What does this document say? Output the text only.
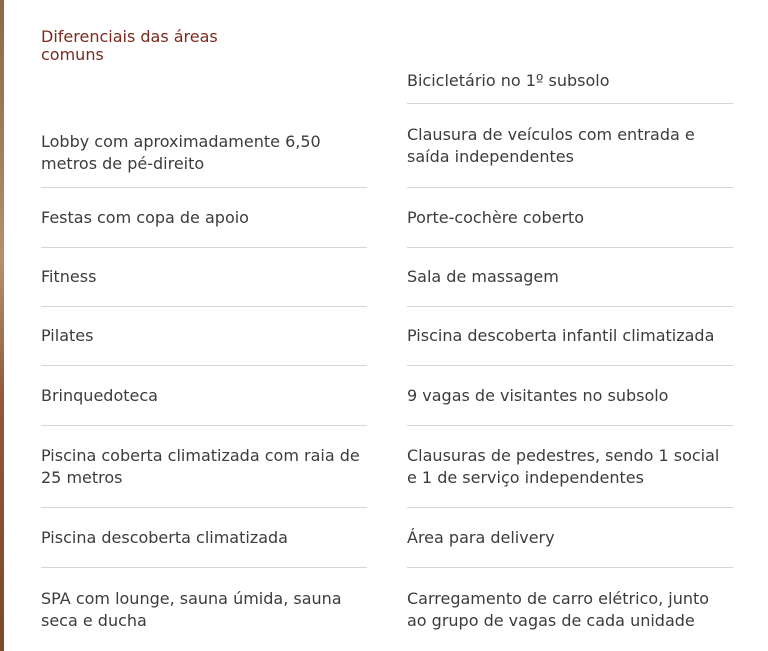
Diferenciais das áreas comuns
Lobby com aproximadamente 6,50 metros de pé-direito
Festas com copa de apoio
Fitness
Pilates
Brinquedoteca
Piscina coberta climatizada com raia de 25 metros
Piscina descoberta climatizada
SPA com lounge, sauna úmida, sauna seca e ducha
Bicicletário no 1º subsolo
Clausura de veículos com entrada e saída independentes
Porte-cochère coberto
Sala de massagem
Piscina descoberta infantil climatizada
9 vagas de visitantes no subsolo
Clausuras de pedestres, sendo 1 social e 1 de serviço independentes
Área para delivery
Carregamento de carro elétrico, junto ao grupo de vagas de cada unidade
